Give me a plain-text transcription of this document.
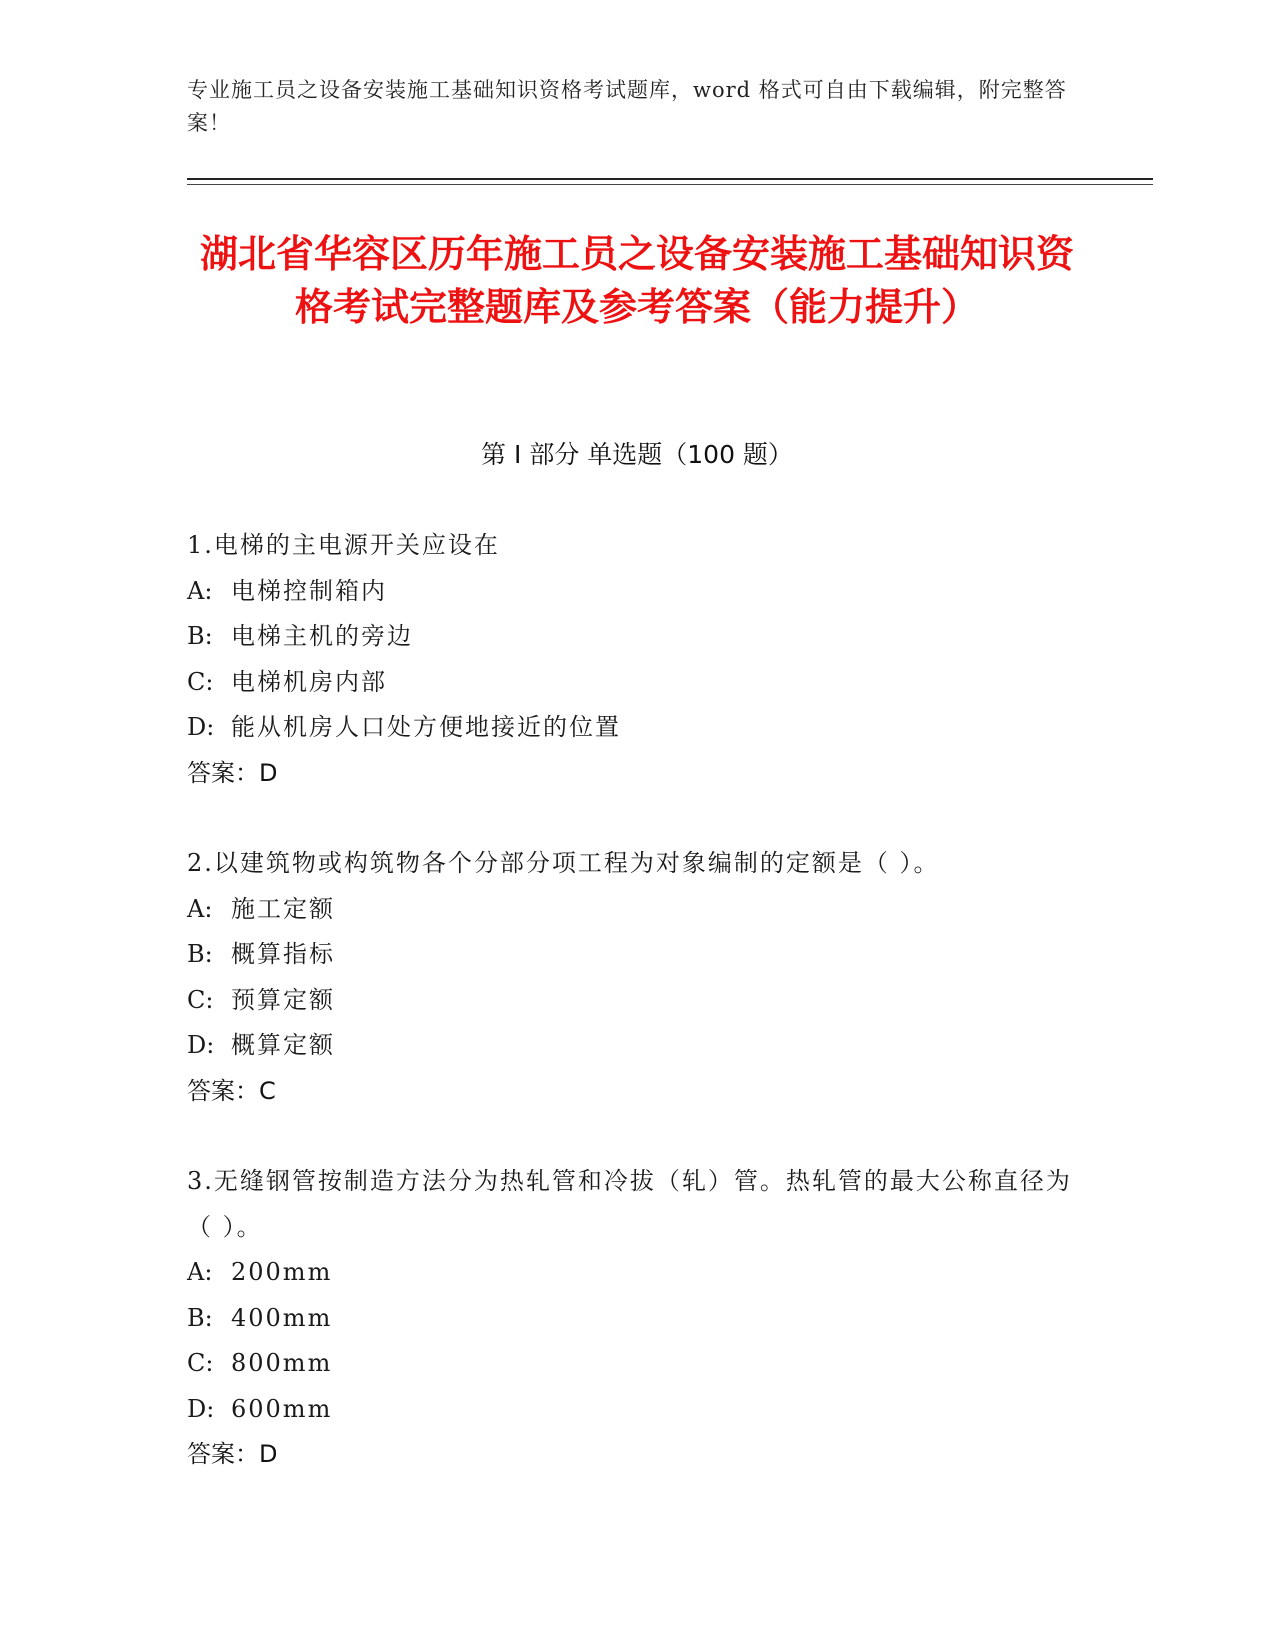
专业施工员之设备安装施工基础知识资格考试题库，word 格式可自由下载编辑，附完整答案！
湖北省华容区历年施工员之设备安装施工基础知识资格考试完整题库及参考答案（能力提升）
第 I 部分 单选题（100 题）
1.电梯的主电源开关应设在
A: 电梯控制箱内
B: 电梯主机的旁边
C: 电梯机房内部
D: 能从机房人口处方便地接近的位置
答案：D
2.以建筑物或构筑物各个分部分项工程为对象编制的定额是（ ）。
A: 施工定额
B: 概算指标
C: 预算定额
D: 概算定额
答案：C
3.无缝钢管按制造方法分为热轧管和冷拔（轧）管。热轧管的最大公称直径为（ ）。
A: 200mm
B: 400mm
C: 800mm
D: 600mm
答案：D
